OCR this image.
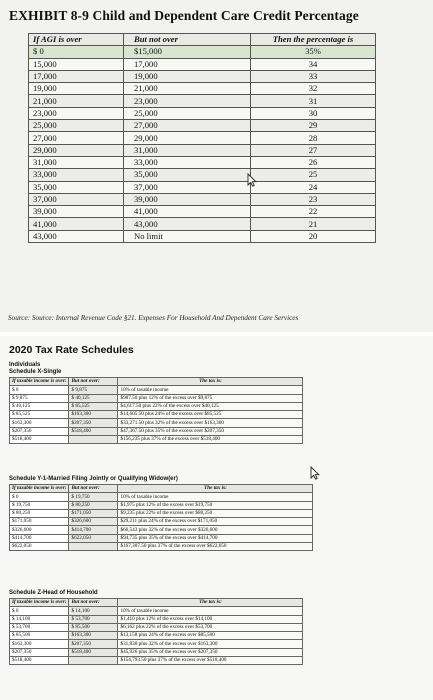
EXHIBIT 8-9 Child and Dependent Care Credit Percentage
If AGI is over	But not over	Then the percentage is
$ 0	$15,000	35%
15,000	17,000	34
17,000	19,000	33
19,000	21,000	32
21,000	23,000	31
23,000	25,000	30
25,000	27,000	29
27,000	29,000	28
29,000	31,000	27
31,000	33,000	26
33,000	35,000	25
35,000	37,000	24
37,000	39,000	23
39,000	41,000	22
41,000	43,000	21
43,000	No limit	20
Source: Source: Internal Revenue Code §21. Expenses For Household And Dependent Care Services
2020 Tax Rate Schedules
Individuals
Schedule X-Single
If taxable income is over:	But not over:	The tax is:
$ 0	$ 9,875	10% of taxable income
$ 9,875	$ 40,125	$987.50 plus 12% of the excess over $9,875
$ 40,125	$ 85,525	$4,617.50 plus 22% of the excess over $40,125
$ 85,525	$163,300	$14,605.50 plus 24% of the excess over $85,525
$163,300	$207,350	$33,271.50 plus 32% of the excess over $163,300
$207,350	$518,400	$47,367.50 plus 35% of the excess over $207,350
$518,400		$156,235 plus 37% of the excess over $518,400
Schedule Y-1-Married Filing Jointly or Qualifying Widow(er)
If taxable income is over:	But not over:	The tax is:
$ 0	$ 19,750	10% of taxable income
$ 19,750	$ 80,250	$1,975 plus 12% of the excess over $19,750
$ 80,250	$171,050	$9,235 plus 22% of the excess over $80,250
$171,050	$326,600	$29,211 plus 24% of the excess over $171,050
$326,600	$414,700	$66,543 plus 32% of the excess over $326,600
$414,700	$622,050	$94,735 plus 35% of the excess over $414,700
$622,050		$167,307.50 plus 37% of the excess over $622,050
Schedule Z-Head of Household
If taxable income is over:	But not over:	The tax is:
$ 0	$ 14,100	10% of taxable income
$ 14,100	$ 53,700	$1,410 plus 12% of the excess over $14,100
$ 53,700	$ 85,500	$6,162 plus 22% of the excess over $53,700
$ 85,500	$163,300	$13,158 plus 24% of the excess over $85,500
$163,300	$207,350	$31,830 plus 32% of the excess over $163,300
$207,350	$518,400	$45,926 plus 35% of the excess over $207,350
$518,400		$154,793.50 plus 37% of the excess over $518,400
